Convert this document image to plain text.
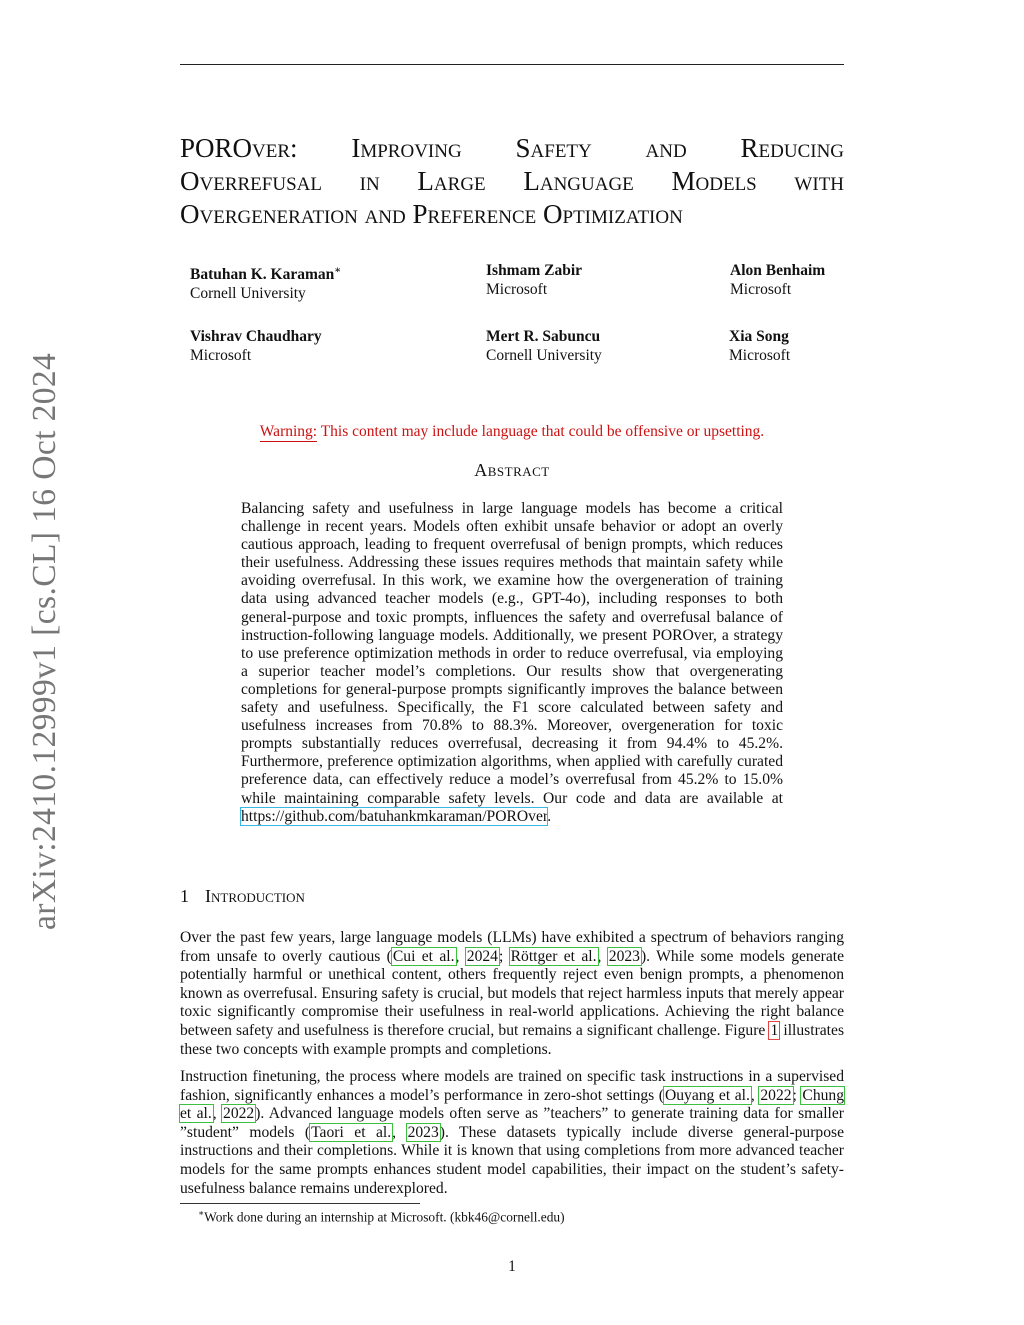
arXiv:2410.12999v1 [cs.CL] 16 Oct 2024
POROver: Improving Safety and Reducing
Overrefusal in Large Language Models with
Overgeneration and Preference Optimization
Batuhan K. Karaman∗
Cornell University
Ishmam Zabir
Microsoft
Alon Benhaim
Microsoft
Vishrav Chaudhary
Microsoft
Mert R. Sabuncu
Cornell University
Xia Song
Microsoft
Warning: This content may include language that could be offensive or upsetting.
Abstract

Balancing safety and usefulness in large language models has become a critical challenge in recent years. Models often exhibit unsafe behavior or adopt an overly cautious approach, leading to frequent overrefusal of benign prompts, which reduces their usefulness. Addressing these issues requires methods that maintain safety while avoiding overrefusal. In this work, we examine how the overgeneration of training data using advanced teacher models (e.g., GPT-4o), including responses to both general-purpose and toxic prompts, influences the safety and overrefusal balance of instruction-following language models. Additionally, we present POROver, a strategy to use preference optimization methods in order to reduce overrefusal, via employing a superior teacher model’s completions. Our results show that overgenerating completions for general-purpose prompts significantly improves the balance between safety and usefulness. Specifically, the F1 score calculated between safety and usefulness increases from 70.8% to 88.3%. Moreover, overgeneration for toxic prompts substantially reduces overrefusal, decreasing it from 94.4% to 45.2%. Furthermore, preference optimization algorithms, when applied with carefully curated preference data, can effectively reduce a model’s overrefusal from 45.2% to 15.0% while maintaining comparable safety levels. Our code and data are available at https://github.com/batuhankmkaraman/POROver.

1 Introduction

Over the past few years, large language models (LLMs) have exhibited a spectrum of behaviors ranging from unsafe to overly cautious (Cui et al., 2024; Röttger et al., 2023). While some models generate potentially harmful or unethical content, others frequently reject even benign prompts, a phenomenon known as overrefusal. Ensuring safety is crucial, but models that reject harmless inputs that merely appear toxic significantly compromise their usefulness in real-world applications. Achieving the right balance between safety and usefulness is therefore crucial, but remains a significant challenge. Figure 1 illustrates these two concepts with example prompts and completions.

Instruction finetuning, the process where models are trained on specific task instructions in a supervised fashion, significantly enhances a model’s performance in zero-shot settings (Ouyang et al., 2022; Chung et al., 2022). Advanced language models often serve as ”teachers” to generate training data for smaller ”student” models (Taori et al., 2023). These datasets typically include diverse general-purpose instructions and their completions. While it is known that using completions from more advanced teacher models for the same prompts enhances student model capabilities, their impact on the student’s safety-usefulness balance remains underexplored.

∗Work done during an internship at Microsoft. (kbk46@cornell.edu)
1
